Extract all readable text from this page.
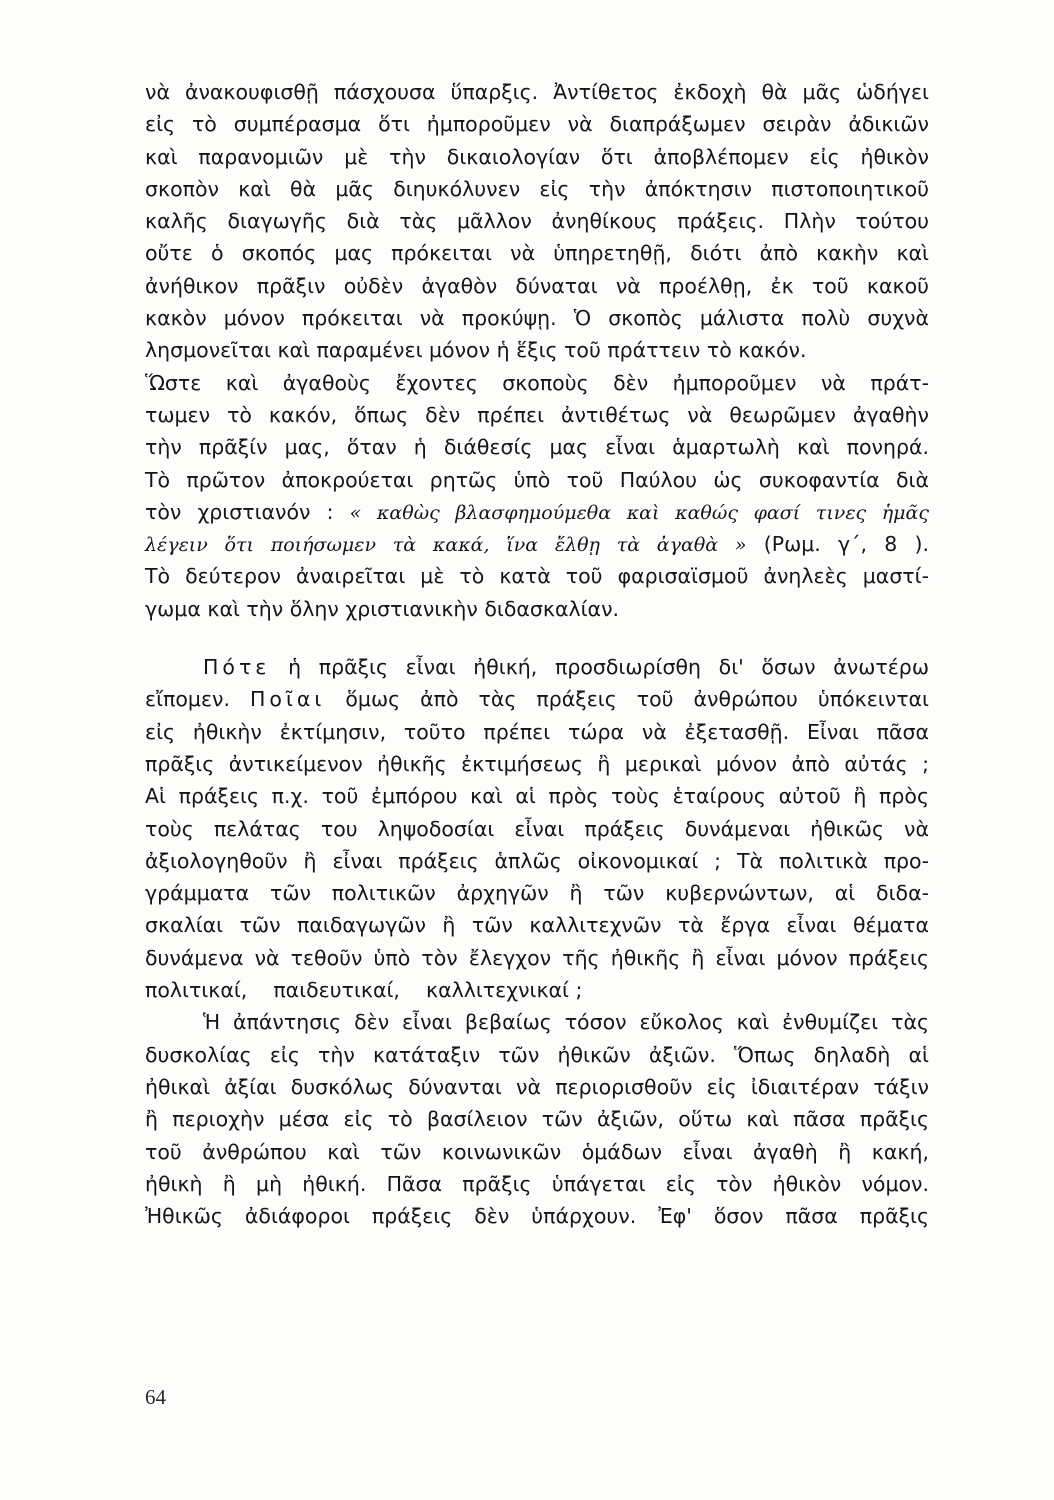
νὰ ἀνακουφισθῇ πάσχουσα ὕπαρξις. Ἀντίθετος ἐκδοχὴ θὰ μᾶς ὡδήγει
εἰς τὸ συμπέρασμα ὅτι ἠμποροῦμεν νὰ διαπράξωμεν σειρὰν ἀδικιῶν
καὶ παρανομιῶν μὲ τὴν δικαιολογίαν ὅτι ἀποβλέπομεν εἰς ἠθικὸν
σκοπὸν καὶ θὰ μᾶς διηυκόλυνεν εἰς τὴν ἀπόκτησιν πιστοποιητικοῦ
καλῆς διαγωγῆς διὰ τὰς μᾶλλον ἀνηθίκους πράξεις. Πλὴν τούτου
οὔτε ὁ σκοπός μας πρόκειται νὰ ὑπηρετηθῇ, διότι ἀπὸ κακὴν καὶ
ἀνήθικον πρᾶξιν οὐδὲν ἀγαθὸν δύναται νὰ προέλθῃ, ἐκ τοῦ κακοῦ
κακὸν μόνον πρόκειται νὰ προκύψῃ. Ὁ σκοπὸς μάλιστα πολὺ συχνὰ
λησμονεῖται καὶ παραμένει μόνον ἡ ἕξις τοῦ πράττειν τὸ κακόν.
Ὥστε καὶ ἀγαθοὺς ἔχοντες σκοποὺς δὲν ἠμποροῦμεν νὰ πράτ-
τωμεν τὸ κακόν, ὅπως δὲν πρέπει ἀντιθέτως νὰ θεωρῶμεν ἀγαθὴν
τὴν πρᾶξίν μας, ὅταν ἡ διάθεσίς μας εἶναι ἁμαρτωλὴ καὶ πονηρά.
Τὸ πρῶτον ἀποκρούεται ρητῶς ὑπὸ τοῦ Παύλου ὡς συκοφαντία διὰ
τὸν χριστιανόν : « καθὼς βλασφημούμεθα καὶ καθώς φασί τινες ἡμᾶς
λέγειν ὅτι ποιήσωμεν τὰ κακά, ἵνα ἔλθῃ τὰ ἀγαθὰ » (Ρωμ. γ΄, 8 ).
Τὸ δεύτερον ἀναιρεῖται μὲ τὸ κατὰ τοῦ φαρισαϊσμοῦ ἀνηλεὲς μαστί-
γωμα καὶ τὴν ὅλην χριστιανικὴν διδασκαλίαν.
Πότε ἡ πρᾶξις εἶναι ἠθική, προσδιωρίσθη δι' ὅσων ἀνωτέρω
εἴπομεν. Ποῖαι ὅμως ἀπὸ τὰς πράξεις τοῦ ἀνθρώπου ὑπόκεινται
εἰς ἠθικὴν ἐκτίμησιν, τοῦτο πρέπει τώρα νὰ ἐξετασθῇ. Εἶναι πᾶσα
πρᾶξις ἀντικείμενον ἠθικῆς ἐκτιμήσεως ἢ μερικαὶ μόνον ἀπὸ αὐτάς ;
Αἱ πράξεις π.χ. τοῦ ἐμπόρου καὶ αἱ πρὸς τοὺς ἑταίρους αὐτοῦ ἢ πρὸς
τοὺς πελάτας του ληψοδοσίαι εἶναι πράξεις δυνάμεναι ἠθικῶς νὰ
ἀξιολογηθοῦν ἢ εἶναι πράξεις ἁπλῶς οἰκονομικαί ; Τὰ πολιτικὰ προ-
γράμματα τῶν πολιτικῶν ἀρχηγῶν ἢ τῶν κυβερνώντων, αἱ διδα-
σκαλίαι τῶν παιδαγωγῶν ἢ τῶν καλλιτεχνῶν τὰ ἔργα εἶναι θέματα
δυνάμενα νὰ τεθοῦν ὑπὸ τὸν ἔλεγχον τῆς ἠθικῆς ἢ εἶναι μόνον πράξεις
πολιτικαί,    παιδευτικαί,    καλλιτεχνικαί ;
Ἡ ἀπάντησις δὲν εἶναι βεβαίως τόσον εὔκολος καὶ ἐνθυμίζει τὰς
δυσκολίας εἰς τὴν κατάταξιν τῶν ἠθικῶν ἀξιῶν. Ὅπως δηλαδὴ αἱ
ἠθικαὶ ἀξίαι δυσκόλως δύνανται νὰ περιορισθοῦν εἰς ἰδιαιτέραν τάξιν
ἢ περιοχὴν μέσα εἰς τὸ βασίλειον τῶν ἀξιῶν, οὕτω καὶ πᾶσα πρᾶξις
τοῦ ἀνθρώπου καὶ τῶν κοινωνικῶν ὁμάδων εἶναι ἀγαθὴ ἢ κακή,
ἠθικὴ ἢ μὴ ἠθική. Πᾶσα πρᾶξις ὑπάγεται εἰς τὸν ἠθικὸν νόμον.
Ἠθικῶς ἀδιάφοροι πράξεις δὲν ὑπάρχουν. Ἐφ' ὅσον πᾶσα πρᾶξις
64
